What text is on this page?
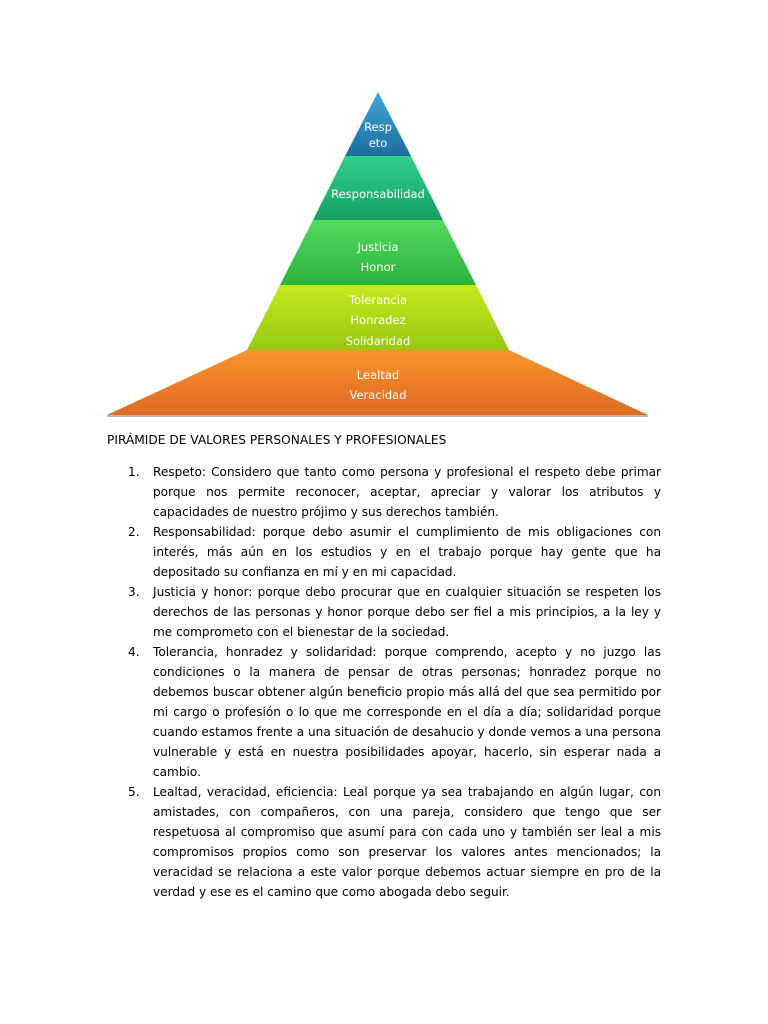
Resp
eto
Responsabilidad
Justicia
Honor
Tolerancia
Honradez
Solidaridad
Lealtad
Veracidad
PIRÁMIDE DE VALORES PERSONALES Y PROFESIONALES
1. Respeto: Considero que tanto como persona y profesional el respeto debe primar porque nos permite reconocer, aceptar, apreciar y valorar los atributos y capacidades de nuestro prójimo y sus derechos también.
2. Responsabilidad: porque debo asumir el cumplimiento de mis obligaciones con interés, más aún en los estudios y en el trabajo porque hay gente que ha depositado su confianza en mí y en mi capacidad.
3. Justicia y honor: porque debo procurar que en cualquier situación se respeten los derechos de las personas y honor porque debo ser fiel a mis principios, a la ley y me comprometo con el bienestar de la sociedad.
4. Tolerancia, honradez y solidaridad: porque comprendo, acepto y no juzgo las condiciones o la manera de pensar de otras personas; honradez porque no debemos buscar obtener algún beneficio propio más allá del que sea permitido por mi cargo o profesión o lo que me corresponde en el día a día; solidaridad porque cuando estamos frente a una situación de desahucio y donde vemos a una persona vulnerable y está en nuestra posibilidades apoyar, hacerlo, sin esperar nada a cambio.
5. Lealtad, veracidad, eficiencia: Leal porque ya sea trabajando en algún lugar, con amistades, con compañeros, con una pareja, considero que tengo que ser respetuosa al compromiso que asumí para con cada uno y también ser leal a mis compromisos propios como son preservar los valores antes mencionados; la veracidad se relaciona a este valor porque debemos actuar siempre en pro de la verdad y ese es el camino que como abogada debo seguir.
